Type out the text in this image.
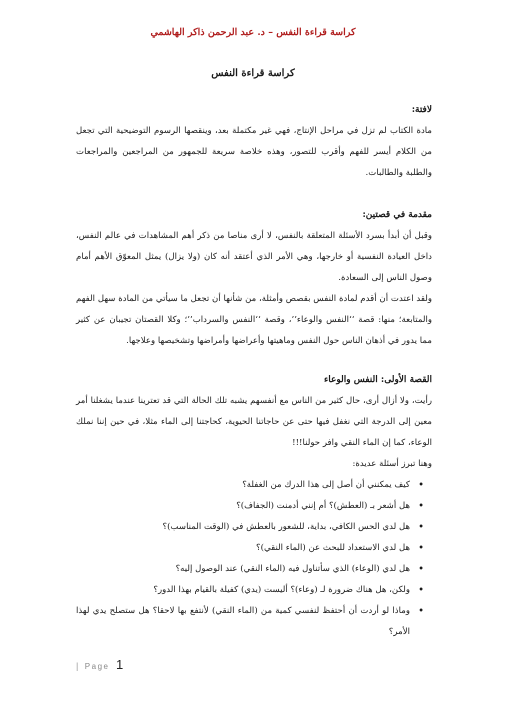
كراسة قراءة النفس – د. عبد الرحمن ذاكر الهاشمي
كراسة قراءة النفس

لافتة:

مادة الكتاب لم تزل في مراحل الإنتاج، فهي غير مكتملة بعد، وينقصها الرسوم التوضيحية التي تجعل من الكلام أيسر للفهم وأقرب للتصور، وهذه خلاصة سريعة للجمهور من المراجعين والمراجعات والطلبة والطالبات.

مقدمة في قصتين:

وقبل أن أبدأ بسرد الأسئلة المتعلقة بالنفس، لا أرى مناصا من ذكر أهم المشاهدات في عالم النفس، داخل العيادة النفسية أو خارجها، وهي الأمر الذي أعتقد أنه كان (ولا يزال) يمثل المعوّق الأهم أمام وصول الناس إلى السعادة.

ولقد اعتدت أن أقدم لمادة النفس بقصص وأمثلة، من شأنها أن تجعل ما سيأتي من المادة سهل الفهم والمتابعة؛ منها: قصة ‘‘النفس والوعاء’’، وقصة ‘‘النفس والسرداب’’؛ وكلا القصتان تجيبان عن كثير مما يدور في أذهان الناس حول النفس وماهيتها وأعراضها وأمراضها وتشخيصها وعلاجها.

القصة الأولى: النفس والوعاء

رأيت، ولا أزال أرى، حال كثير من الناس مع أنفسهم يشبه تلك الحالة التي قد تعترينا عندما يشغلنا أمر معين إلى الدرجة التي نغفل فيها حتى عن حاجاتنا الحيوية، كحاجتنا إلى الماء مثلا، في حين إننا نملك الوعاء، كما إن الماء النقي وافر حولنا!!!

وهنا تبرز أسئلة عديدة:

• كيف يمكنني أن أصل إلى هذا الدرك من الغفلة؟
• هل أشعر بـ (العطش)؟ أم إنني أدمنت (الجفاف)؟
• هل لدي الحس الكافي، بداية، للشعور بالعطش في (الوقت المناسب)؟
• هل لدي الاستعداد للبحث عن (الماء النقي)؟
• هل لدي (الوعاء) الذي سأتناول فيه (الماء النقي) عند الوصول إليه؟
• ولكن، هل هناك ضرورة لـ (وعاء)؟ أليست (يدي) كفيلة بالقيام بهذا الدور؟
• وماذا لو أردت أن أحتفظ لنفسي كمية من (الماء النقي) لأنتفع بها لاحقا؟ هل ستصلح يدي لهذا الأمر؟
| Page 1
